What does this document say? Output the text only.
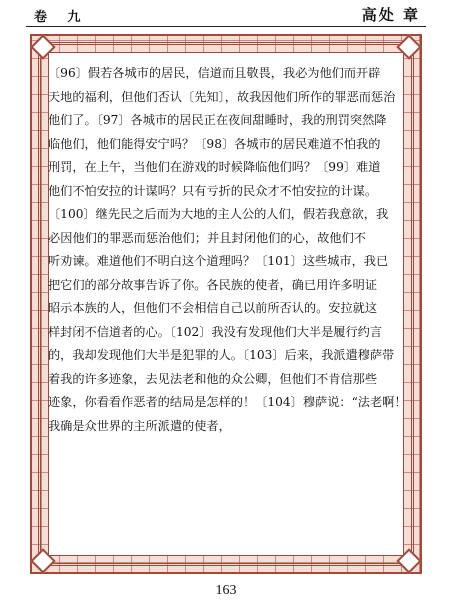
卷 九	高处 章
〔96〕假若各城市的居民，信道而且敬畏，我必为他们而开辟
天地的福利，但他们否认〔先知〕，故我因他们所作的罪恶而惩治
他们了。〔97〕各城市的居民正在夜间甜睡时，我的刑罚突然降
临他们，他们能得安宁吗？〔98〕各城市的居民难道不怕我的
刑罚，在上午，当他们在游戏的时候降临他们吗？〔99〕难道
他们不怕安拉的计谋吗？只有亏折的民众才不怕安拉的计谋。
〔100〕继先民之后而为大地的主人公的人们，假若我意欲，我
必因他们的罪恶而惩治他们；并且封闭他们的心，故他们不
听劝谏。难道他们不明白这个道理吗？〔101〕这些城市，我已
把它们的部分故事告诉了你。各民族的使者，确已用许多明证
昭示本族的人，但他们不会相信自己以前所否认的。安拉就这
样封闭不信道者的心。〔102〕我没有发现他们大半是履行约言
的，我却发现他们大半是犯罪的人。〔103〕后来，我派遣穆萨带
着我的许多迹象，去见法老和他的众公卿，但他们不肯信那些
迹象，你看看作恶者的结局是怎样的！〔104〕穆萨说：“法老啊！
我确是众世界的主所派遣的使者，
163
